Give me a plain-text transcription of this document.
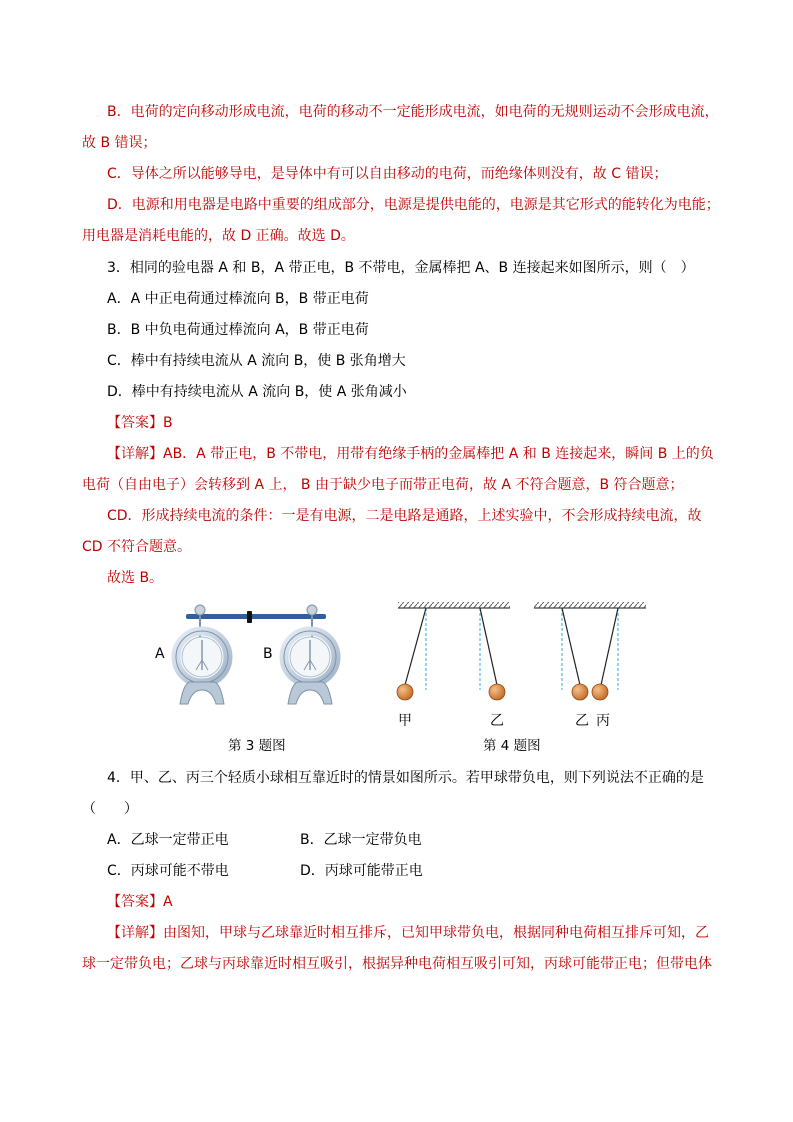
B．电荷的定向移动形成电流，电荷的移动不一定能形成电流，如电荷的无规则运动不会形成电流，
故 B 错误；
C．导体之所以能够导电，是导体中有可以自由移动的电荷，而绝缘体则没有，故 C 错误；
D．电源和用电器是电路中重要的组成部分，电源是提供电能的，电源是其它形式的能转化为电能；
用电器是消耗电能的，故 D 正确。故选 D。
3．相同的验电器 A 和 B，A 带正电，B 不带电，金属棒把 A、B 连接起来如图所示，则（　）
A．A 中正电荷通过棒流向 B，B 带正电荷
B．B 中负电荷通过棒流向 A，B 带正电荷
C．棒中有持续电流从 A 流向 B，使 B 张角增大
D．棒中有持续电流从 A 流向 B，使 A 张角减小
【答案】B
【详解】AB．A 带正电，B 不带电，用带有绝缘手柄的金属棒把 A 和 B 连接起来，瞬间 B 上的负
电荷（自由电子）会转移到 A 上， B 由于缺少电子而带正电荷，故 A 不符合题意，B 符合题意；
CD．形成持续电流的条件：一是有电源，二是电路是通路，上述实验中，不会形成持续电流，故
CD 不符合题意。
故选 B。
A	B
第 3 题图
甲	乙	乙 丙
第 4 题图
4．甲、乙、丙三个轻质小球相互靠近时的情景如图所示。若甲球带负电，则下列说法不正确的是
（　　）
A．乙球一定带正电	B．乙球一定带负电
C．丙球可能不带电	D．丙球可能带正电
【答案】A
【详解】由图知，甲球与乙球靠近时相互排斥，已知甲球带负电，根据同种电荷相互排斥可知，乙
球一定带负电；乙球与丙球靠近时相互吸引，根据异种电荷相互吸引可知，丙球可能带正电；但带电体
